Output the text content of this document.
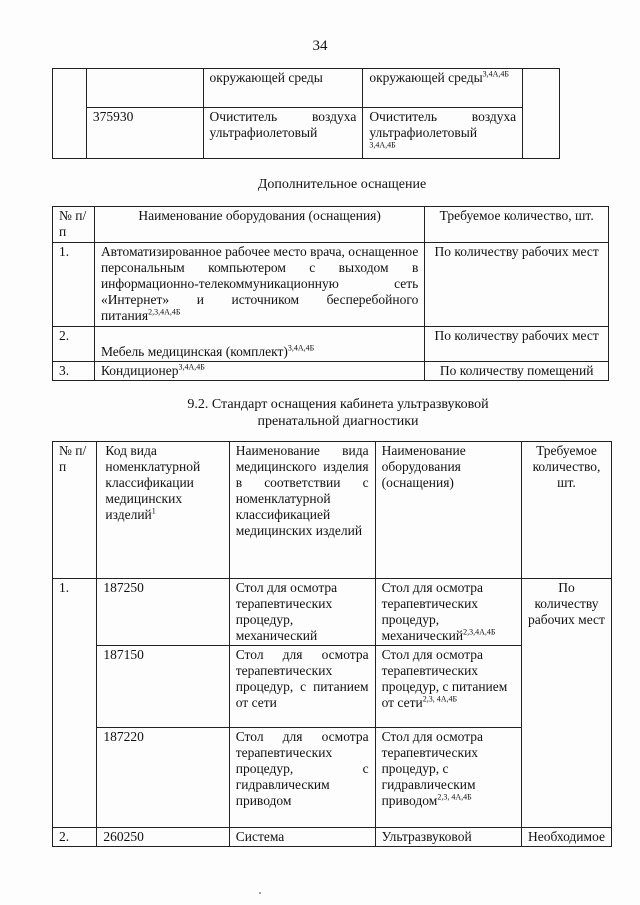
34
		окружающей среды	окружающей среды$^{3,4А,4Б}$	
	375930	Очиститель воздуха ультрафиолетовый	Очиститель воздуха ультрафиолетовый
$^{3,4А,4Б}$
Дополнительное оснащение
№ п/п	Наименование оборудования (оснащения)	Требуемое количество, шт.
1.	Автоматизированное рабочее место врача, оснащенное персональным компьютером с выходом в информационно-телекоммуникационную сеть «Интернет» и источником бесперебойного питания$^{2,3,4А,4Б}$	По количеству рабочих мест
2.	Мебель медицинская (комплект)$^{3,4А,4Б}$	По количеству рабочих мест
3.	Кондиционер$^{3,4А,4Б}$	По количеству помещений
9.2. Стандарт оснащения кабинета ультразвуковой
пренатальной диагностики
№ п/п	Код вида номенклатурной классификации медицинских изделий$^1$	Наименование вида медицинского изделия в соответствии с номенклатурной классификацией медицинских изделий	Наименование оборудования (оснащения)	Требуемое количество, шт.
1.	187250	Стол для осмотра терапевтических процедур, механический	Стол для осмотра терапевтических процедур, механический$^{2,3,4А,4Б}$	По количеству рабочих мест
	187150	Стол для осмотра терапевтических процедур, с питанием от сети	Стол для осмотра терапевтических процедур, с питанием от сети$^{2,3, 4А,4Б}$
	187220	Стол для осмотра терапевтических процедур, с гидравлическим приводом	Стол для осмотра терапевтических процедур, с гидравлическим приводом$^{2,3, 4А,4Б}$
2.	260250	Система	Ультразвуковой	Необходимое
